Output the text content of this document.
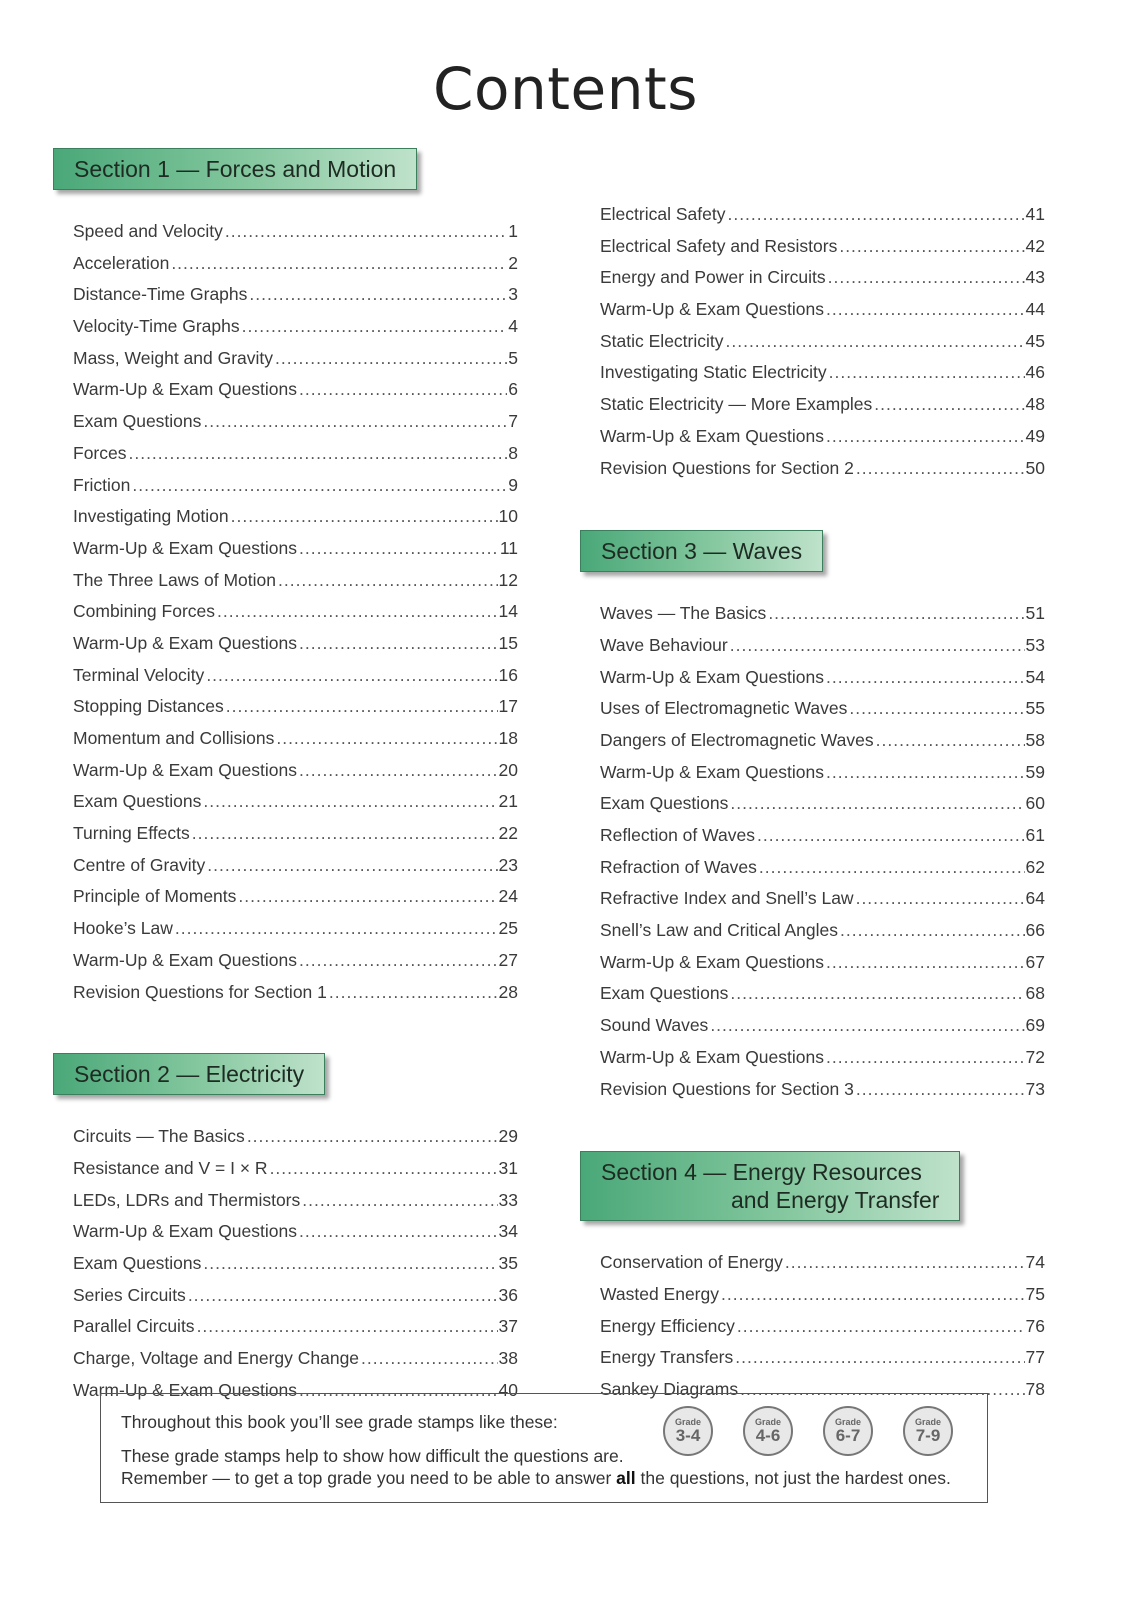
Contents
Section 1 — Forces and Motion
Speed and Velocity .....	1
Acceleration .....	2
Distance-Time Graphs .....	3
Velocity-Time Graphs .....	4
Mass, Weight and Gravity .....	5
Warm-Up & Exam Questions .....	6
Exam Questions .....	7
Forces .....	8
Friction .....	9
Investigating Motion .....	10
Warm-Up & Exam Questions .....	11
The Three Laws of Motion .....	12
Combining Forces .....	14
Warm-Up & Exam Questions .....	15
Terminal Velocity .....	16
Stopping Distances .....	17
Momentum and Collisions .....	18
Warm-Up & Exam Questions .....	20
Exam Questions .....	21
Turning Effects .....	22
Centre of Gravity .....	23
Principle of Moments .....	24
Hooke’s Law .....	25
Warm-Up & Exam Questions .....	27
Revision Questions for Section 1 .....	28
Section 2 — Electricity
Circuits — The Basics .....	29
Resistance and V = I × R .....	31
LEDs, LDRs and Thermistors .....	33
Warm-Up & Exam Questions .....	34
Exam Questions .....	35
Series Circuits .....	36
Parallel Circuits .....	37
Charge, Voltage and Energy Change .....	38
Warm-Up & Exam Questions .....	40
Electrical Safety .....	41
Electrical Safety and Resistors .....	42
Energy and Power in Circuits .....	43
Warm-Up & Exam Questions .....	44
Static Electricity .....	45
Investigating Static Electricity .....	46
Static Electricity — More Examples .....	48
Warm-Up & Exam Questions .....	49
Revision Questions for Section 2 .....	50
Section 3 — Waves
Waves — The Basics .....	51
Wave Behaviour .....	53
Warm-Up & Exam Questions .....	54
Uses of Electromagnetic Waves .....	55
Dangers of Electromagnetic Waves .....	58
Warm-Up & Exam Questions .....	59
Exam Questions .....	60
Reflection of Waves .....	61
Refraction of Waves .....	62
Refractive Index and Snell’s Law .....	64
Snell’s Law and Critical Angles .....	66
Warm-Up & Exam Questions .....	67
Exam Questions .....	68
Sound Waves .....	69
Warm-Up & Exam Questions .....	72
Revision Questions for Section 3 .....	73
Section 4 — Energy Resources
and Energy Transfer
Conservation of Energy .....	74
Wasted Energy .....	75
Energy Efficiency .....	76
Energy Transfers .....	77
Sankey Diagrams .....	78
Throughout this book you’ll see grade stamps like these:
These grade stamps help to show how difficult the questions are.
Remember — to get a top grade you need to be able to answer all the questions, not just the hardest ones.
Grade
3-4
Grade
4-6
Grade
6-7
Grade
7-9
